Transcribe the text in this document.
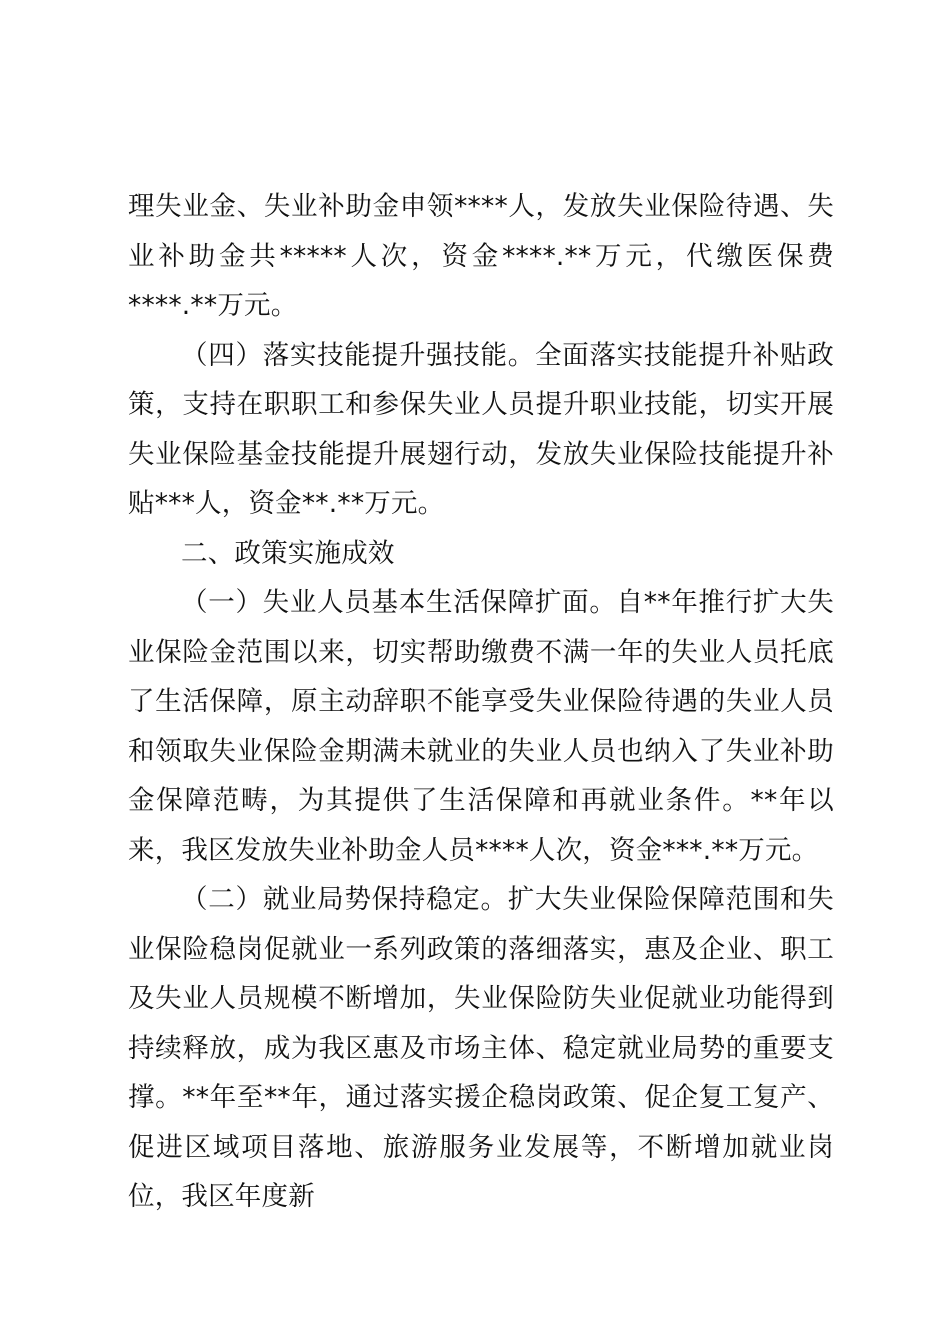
理失业金、失业补助金申领****人，发放失业保险待遇、失业补助金共*****人次，资金****.**万元，代缴医保费****.**万元。

（四）落实技能提升强技能。全面落实技能提升补贴政策，支持在职职工和参保失业人员提升职业技能，切实开展失业保险基金技能提升展翅行动，发放失业保险技能提升补贴***人，资金**.**万元。

二、政策实施成效

（一）失业人员基本生活保障扩面。自**年推行扩大失业保险金范围以来，切实帮助缴费不满一年的失业人员托底了生活保障，原主动辞职不能享受失业保险待遇的失业人员和领取失业保险金期满未就业的失业人员也纳入了失业补助金保障范畴，为其提供了生活保障和再就业条件。**年以来，我区发放失业补助金人员****人次，资金***.**万元。

（二）就业局势保持稳定。扩大失业保险保障范围和失业保险稳岗促就业一系列政策的落细落实，惠及企业、职工及失业人员规模不断增加，失业保险防失业促就业功能得到持续释放，成为我区惠及市场主体、稳定就业局势的重要支撑。**年至**年，通过落实援企稳岗政策、促企复工复产、促进区域项目落地、旅游服务业发展等，不断增加就业岗位，我区年度新
